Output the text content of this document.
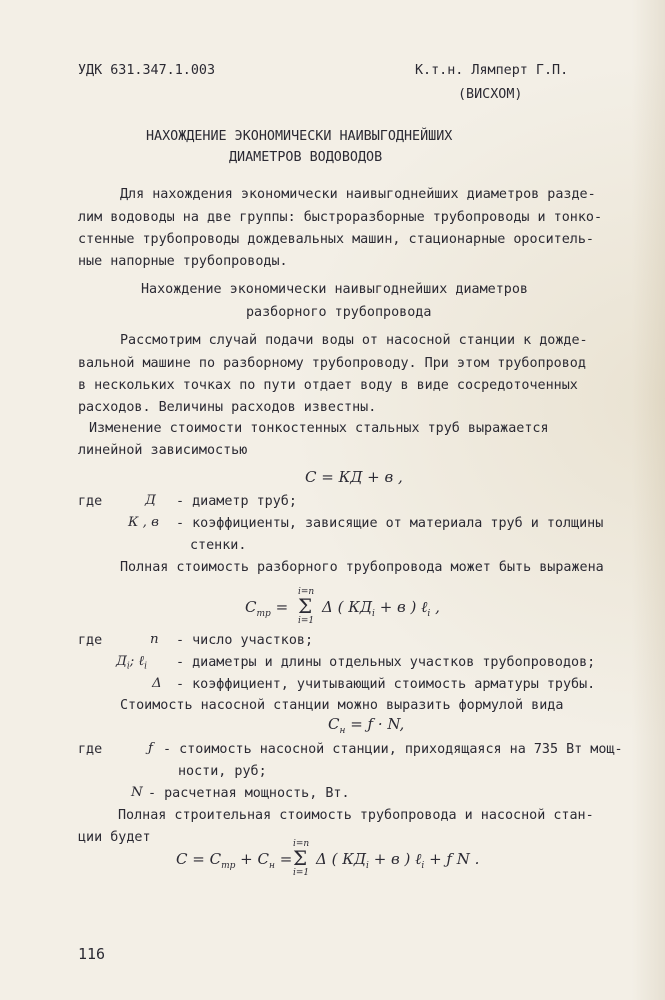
УДК 631.347.1.003	К.т.н. Лямперт Г.П.
(ВИСХОМ)
НАХОЖДЕНИЕ ЭКОНОМИЧЕСКИ НАИВЫГОДНЕЙШИХ
ДИАМЕТРОВ ВОДОВОДОВ
Для нахождения экономически наивыгоднейших диаметров разде-
лим водоводы на две группы: быстроразборные трубопроводы и тонко-
стенные трубопроводы дождевальных машин, стационарные ороситель-
ные напорные трубопроводы.
Нахождение экономически наивыгоднейших диаметров
разборного трубопровода
Рассмотрим случай подачи воды от насосной станции к дожде-
вальной машине по разборному трубопроводу. При этом трубопровод
в нескольких точках по пути отдает воду в виде сосредоточенных
расходов. Величины расходов известны.
Изменение стоимости тонкостенных стальных труб выражается
линейной зависимостью
С = КД + в ,
где	Д - диаметр труб;
К , в - коэффициенты, зависящие от материала труб и толщины
стенки.
Полная стоимость разборного трубопровода может быть выражена
$С_{тр}$ =
i=n
Σ
i=1
Δ ( $КД_i + в$ ) ℓ$_i$ ,
где	n - число участков;
$Д_i$; ℓ$_i$ - диаметры и длины отдельных участков трубопроводов;
Δ - коэффициент, учитывающий стоимость арматуры трубы.
Стоимость насосной станции можно выразить формулой вида
$С_н$ = ƒ · N,
где	ƒ - стоимость насосной станции, приходящаяся на 735 Вт мощ-
ности, руб;
N - расчетная мощность, Вт.
Полная строительная стоимость трубопровода и насосной стан-
ции будет
$С = С_{тр} + С_н$ =
i=n
Σ
i=1
Δ ( $КД_i + в$ ) ℓ$_i$ + ƒ N .
116
